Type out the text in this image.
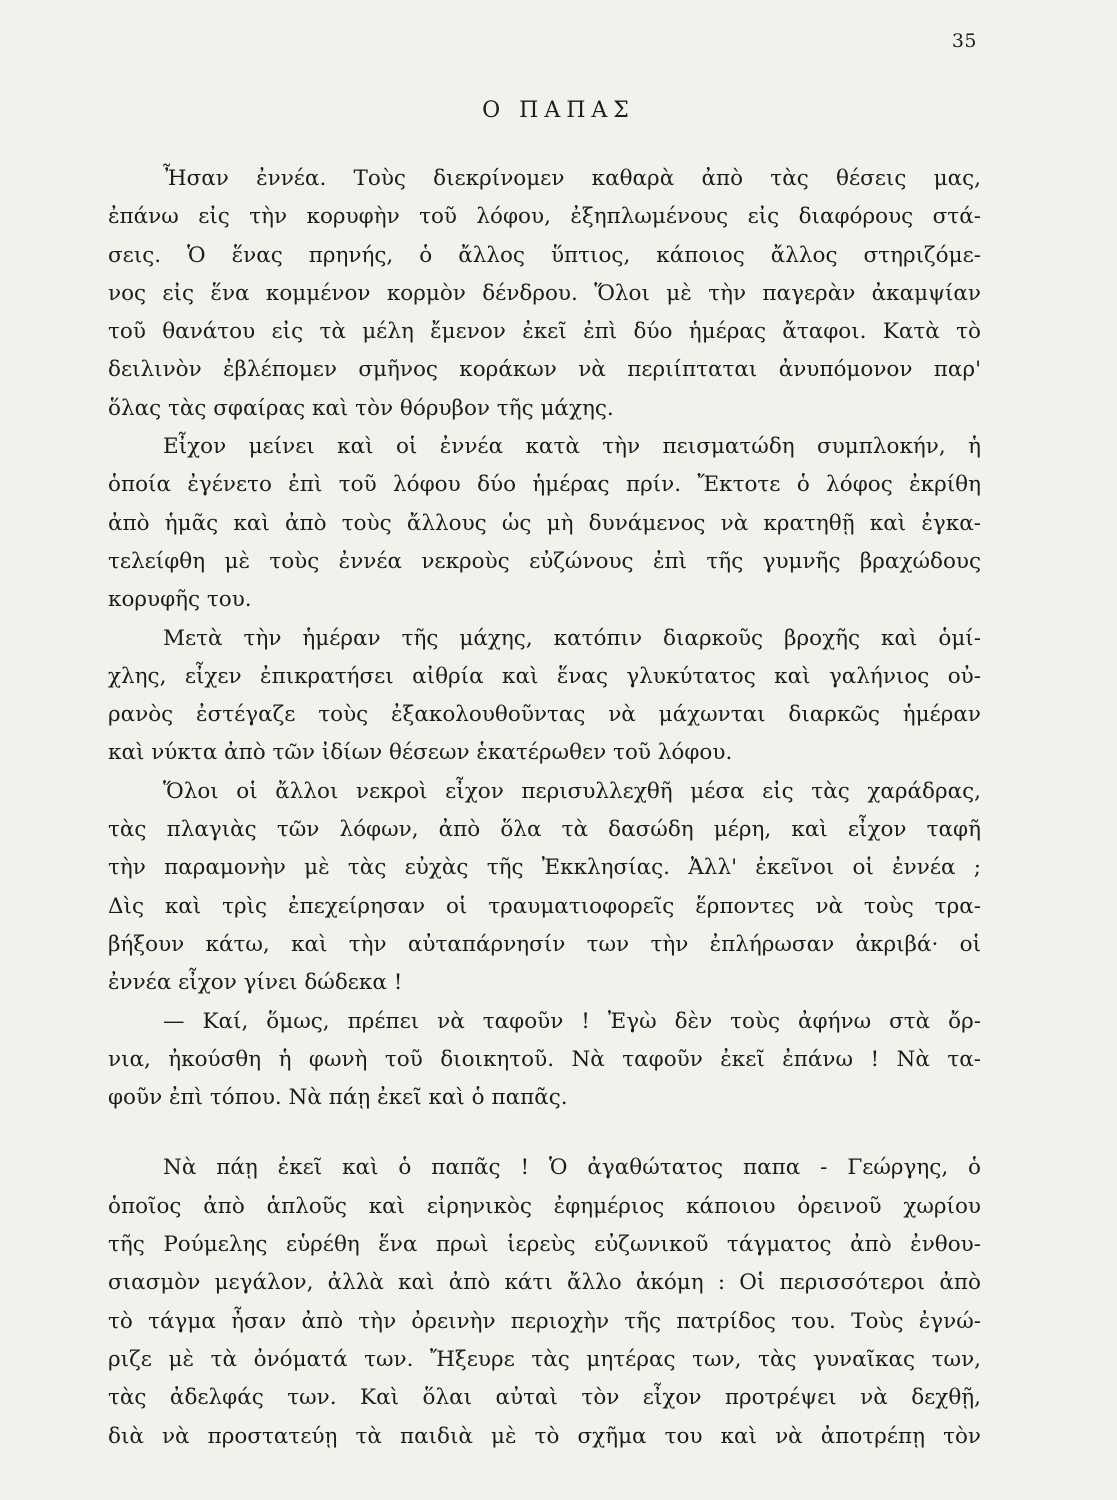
35
Ο ΠΑΠΑΣ
Ἦσαν ἐννέα. Τοὺς διεκρίνομεν καθαρὰ ἀπὸ τὰς θέσεις μας,
ἐπάνω εἰς τὴν κορυφὴν τοῦ λόφου, ἐξηπλωμένους εἰς διαφόρους στά-
σεις. Ὁ ἕνας πρηνής, ὁ ἄλλος ὕπτιος, κάποιος ἄλλος στηριζόμε-
νος εἰς ἕνα κομμένον κορμὸν δένδρου. Ὅλοι μὲ τὴν παγερὰν ἀκαμψίαν
τοῦ θανάτου εἰς τὰ μέλη ἔμενον ἐκεῖ ἐπὶ δύο ἡμέρας ἄταφοι. Κατὰ τὸ
δειλινὸν ἐβλέπομεν σμῆνος κοράκων νὰ περιίπταται ἀνυπόμονον παρ'
ὅλας τὰς σφαίρας καὶ τὸν θόρυβον τῆς μάχης.
Εἶχον μείνει καὶ οἱ ἐννέα κατὰ τὴν πεισματώδη συμπλοκήν, ἡ
ὁποία ἐγένετο ἐπὶ τοῦ λόφου δύο ἡμέρας πρίν. Ἔκτοτε ὁ λόφος ἐκρίθη
ἀπὸ ἡμᾶς καὶ ἀπὸ τοὺς ἄλλους ὡς μὴ δυνάμενος νὰ κρατηθῇ καὶ ἐγκα-
τελείφθη μὲ τοὺς ἐννέα νεκροὺς εὐζώνους ἐπὶ τῆς γυμνῆς βραχώδους
κορυφῆς του.
Μετὰ τὴν ἡμέραν τῆς μάχης, κατόπιν διαρκοῦς βροχῆς καὶ ὁμί-
χλης, εἶχεν ἐπικρατήσει αἰθρία καὶ ἕνας γλυκύτατος καὶ γαλήνιος οὐ-
ρανὸς ἐστέγαζε τοὺς ἐξακολουθοῦντας νὰ μάχωνται διαρκῶς ἡμέραν
καὶ νύκτα ἀπὸ τῶν ἰδίων θέσεων ἑκατέρωθεν τοῦ λόφου.
Ὅλοι οἱ ἄλλοι νεκροὶ εἶχον περισυλλεχθῆ μέσα εἰς τὰς χαράδρας,
τὰς πλαγιὰς τῶν λόφων, ἀπὸ ὅλα τὰ δασώδη μέρη, καὶ εἶχον ταφῆ
τὴν παραμονὴν μὲ τὰς εὐχὰς τῆς Ἐκκλησίας. Ἀλλ' ἐκεῖνοι οἱ ἐννέα ;
Δὶς καὶ τρὶς ἐπεχείρησαν οἱ τραυματιοφορεῖς ἕρποντες νὰ τοὺς τρα-
βήξουν κάτω, καὶ τὴν αὐταπάρνησίν των τὴν ἐπλήρωσαν ἀκριβά· οἱ
ἐννέα εἶχον γίνει δώδεκα !
— Καί, ὅμως, πρέπει νὰ ταφοῦν ! Ἐγὼ δὲν τοὺς ἀφήνω στὰ ὄρ-
νια, ἠκούσθη ἡ φωνὴ τοῦ διοικητοῦ. Νὰ ταφοῦν ἐκεῖ ἐπάνω ! Νὰ τα-
φοῦν ἐπὶ τόπου. Νὰ πάῃ ἐκεῖ καὶ ὁ παπᾶς.
Νὰ πάῃ ἐκεῖ καὶ ὁ παπᾶς ! Ὁ ἀγαθώτατος παπα - Γεώργης, ὁ
ὁποῖος ἀπὸ ἁπλοῦς καὶ εἰρηνικὸς ἐφημέριος κάποιου ὀρεινοῦ χωρίου
τῆς Ρούμελης εὑρέθη ἕνα πρωὶ ἱερεὺς εὐζωνικοῦ τάγματος ἀπὸ ἐνθου-
σιασμὸν μεγάλον, ἀλλὰ καὶ ἀπὸ κάτι ἄλλο ἀκόμη : Οἱ περισσότεροι ἀπὸ
τὸ τάγμα ἦσαν ἀπὸ τὴν ὀρεινὴν περιοχὴν τῆς πατρίδος του. Τοὺς ἐγνώ-
ριζε μὲ τὰ ὀνόματά των. Ἤξευρε τὰς μητέρας των, τὰς γυναῖκας των,
τὰς ἀδελφάς των. Καὶ ὅλαι αὐταὶ τὸν εἶχον προτρέψει νὰ δεχθῇ,
διὰ νὰ προστατεύῃ τὰ παιδιὰ μὲ τὸ σχῆμα του καὶ νὰ ἀποτρέπῃ τὸν
